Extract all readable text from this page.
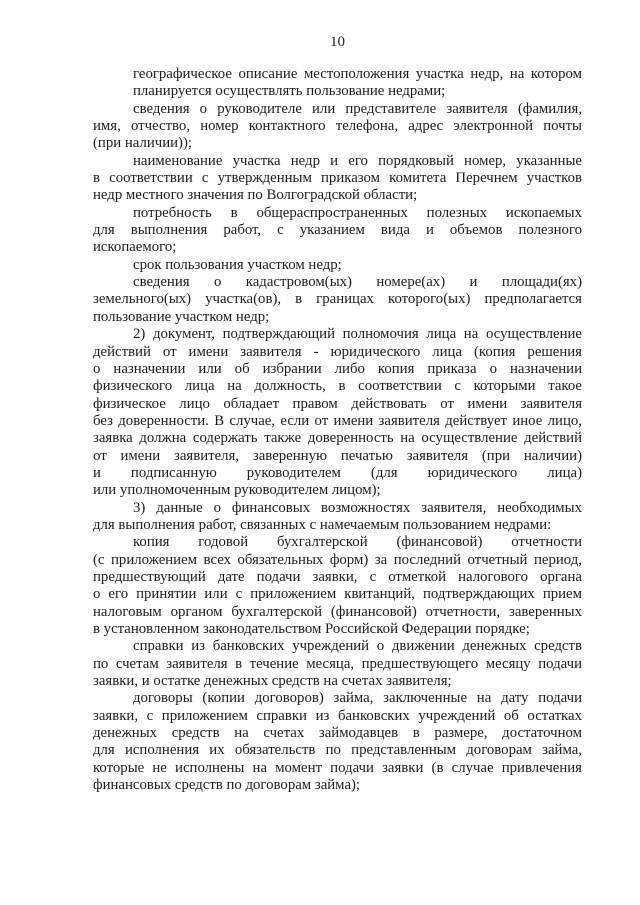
10
географическое описание местоположения участка недр, на котором
планируется осуществлять пользование недрами;
сведения о руководителе или представителе заявителя (фамилия,
имя, отчество, номер контактного телефона, адрес электронной почты
(при наличии));
наименование участка недр и его порядковый номер, указанные
в соответствии с утвержденным приказом комитета Перечнем участков
недр местного значения по Волгоградской области;
потребность в общераспространенных полезных ископаемых
для выполнения работ, с указанием вида и объемов полезного
ископаемого;
срок пользования участком недр;
сведения о кадастровом(ых) номере(ах) и площади(ях)
земельного(ых) участка(ов), в границах которого(ых) предполагается
пользование участком недр;
2) документ, подтверждающий полномочия лица на осуществление
действий от имени заявителя - юридического лица (копия решения
о назначении или об избрании либо копия приказа о назначении
физического лица на должность, в соответствии с которыми такое
физическое лицо обладает правом действовать от имени заявителя
без доверенности. В случае, если от имени заявителя действует иное лицо,
заявка должна содержать также доверенность на осуществление действий
от имени заявителя, заверенную печатью заявителя (при наличии)
и подписанную руководителем (для юридического лица)
или уполномоченным руководителем лицом);
3) данные о финансовых возможностях заявителя, необходимых
для выполнения работ, связанных с намечаемым пользованием недрами:
копия годовой бухгалтерской (финансовой) отчетности
(с приложением всех обязательных форм) за последний отчетный период,
предшествующий дате подачи заявки, с отметкой налогового органа
о его принятии или с приложением квитанций, подтверждающих прием
налоговым органом бухгалтерской (финансовой) отчетности, заверенных
в установленном законодательством Российской Федерации порядке;
справки из банковских учреждений о движении денежных средств
по счетам заявителя в течение месяца, предшествующего месяцу подачи
заявки, и остатке денежных средств на счетах заявителя;
договоры (копии договоров) займа, заключенные на дату подачи
заявки, с приложением справки из банковских учреждений об остатках
денежных средств на счетах займодавцев в размере, достаточном
для исполнения их обязательств по представленным договорам займа,
которые не исполнены на момент подачи заявки (в случае привлечения
финансовых средств по договорам займа);
